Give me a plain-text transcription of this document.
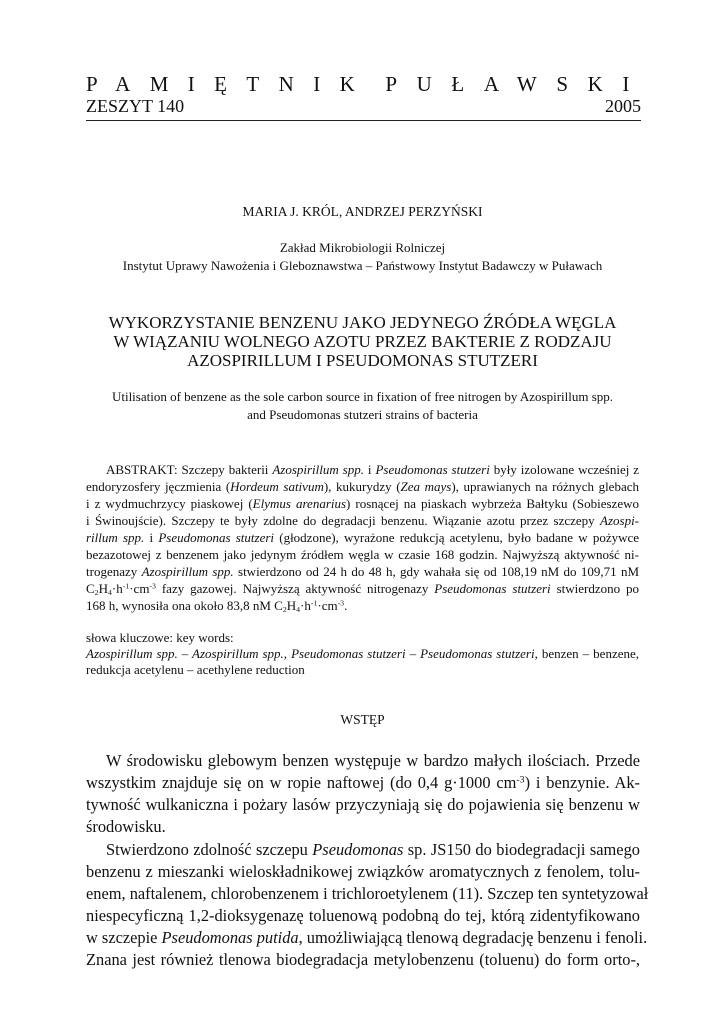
PAMIĘTNIK PUŁAWSKI
ZESZYT 140	2005
MARIA J. KRÓL, ANDRZEJ PERZYŃSKI
Zakład Mikrobiologii Rolniczej
Instytut Uprawy Nawożenia i Gleboznawstwa – Państwowy Instytut Badawczy w Puławach
WYKORZYSTANIE BENZENU JAKO JEDYNEGO ŹRÓDŁA WĘGLA
W WIĄZANIU WOLNEGO AZOTU PRZEZ BAKTERIE Z RODZAJU
AZOSPIRILLUM I PSEUDOMONAS STUTZERI
Utilisation of benzene as the sole carbon source in fixation of free nitrogen by Azospirillum spp.
and Pseudomonas stutzeri strains of bacteria
ABSTRAKT: Szczepy bakterii Azospirillum spp. i Pseudomonas stutzeri były izolowane wcześniej z
endoryzosfery jęczmienia (Hordeum sativum), kukurydzy (Zea mays), uprawianych na różnych glebach
i z wydmuchrzycy piaskowej (Elymus arenarius) rosnącej na piaskach wybrzeża Bałtyku (Sobieszewo
i Świnoujście). Szczepy te były zdolne do degradacji benzenu. Wiązanie azotu przez szczepy Azospi-
rillum spp. i Pseudomonas stutzeri (głodzone), wyrażone redukcją acetylenu, było badane w pożywce
bezazotowej z benzenem jako jedynym źródłem węgla w czasie 168 godzin. Najwyższą aktywność ni-
trogenazy Azospirillum spp. stwierdzono od 24 h do 48 h, gdy wahała się od 108,19 nM do 109,71 nM
$C_2H_4\cdot h^{-1}\cdot cm^{-3}$ fazy gazowej. Najwyższą aktywność nitrogenazy Pseudomonas stutzeri stwierdzono po
168 h, wynosiła ona około 83,8 nM $C_2H_4\cdot h^{-1}\cdot cm^{-3}$.
słowa kluczowe: key words:
Azospirillum spp. – Azospirillum spp., Pseudomonas stutzeri – Pseudomonas stutzeri, benzen – benzene,
redukcja acetylenu – acethylene reduction
WSTĘP
W środowisku glebowym benzen występuje w bardzo małych ilościach. Przede
wszystkim znajduje się on w ropie naftowej (do 0,4 g·1000 $cm^{-3}$) i benzynie. Ak-
tywność wulkaniczna i pożary lasów przyczyniają się do pojawienia się benzenu w
środowisku.
Stwierdzono zdolność szczepu Pseudomonas sp. JS150 do biodegradacji samego
benzenu z mieszanki wieloskładnikowej związków aromatycznych z fenolem, tolu-
enem, naftalenem, chlorobenzenem i trichloroetylenem (11). Szczep ten syntetyzował
niespecyficzną 1,2-dioksygenazę toluenową podobną do tej, którą zidentyfikowano
w szczepie Pseudomonas putida, umożliwiającą tlenową degradację benzenu i fenoli.
Znana jest również tlenowa biodegradacja metylobenzenu (toluenu) do form orto-,
